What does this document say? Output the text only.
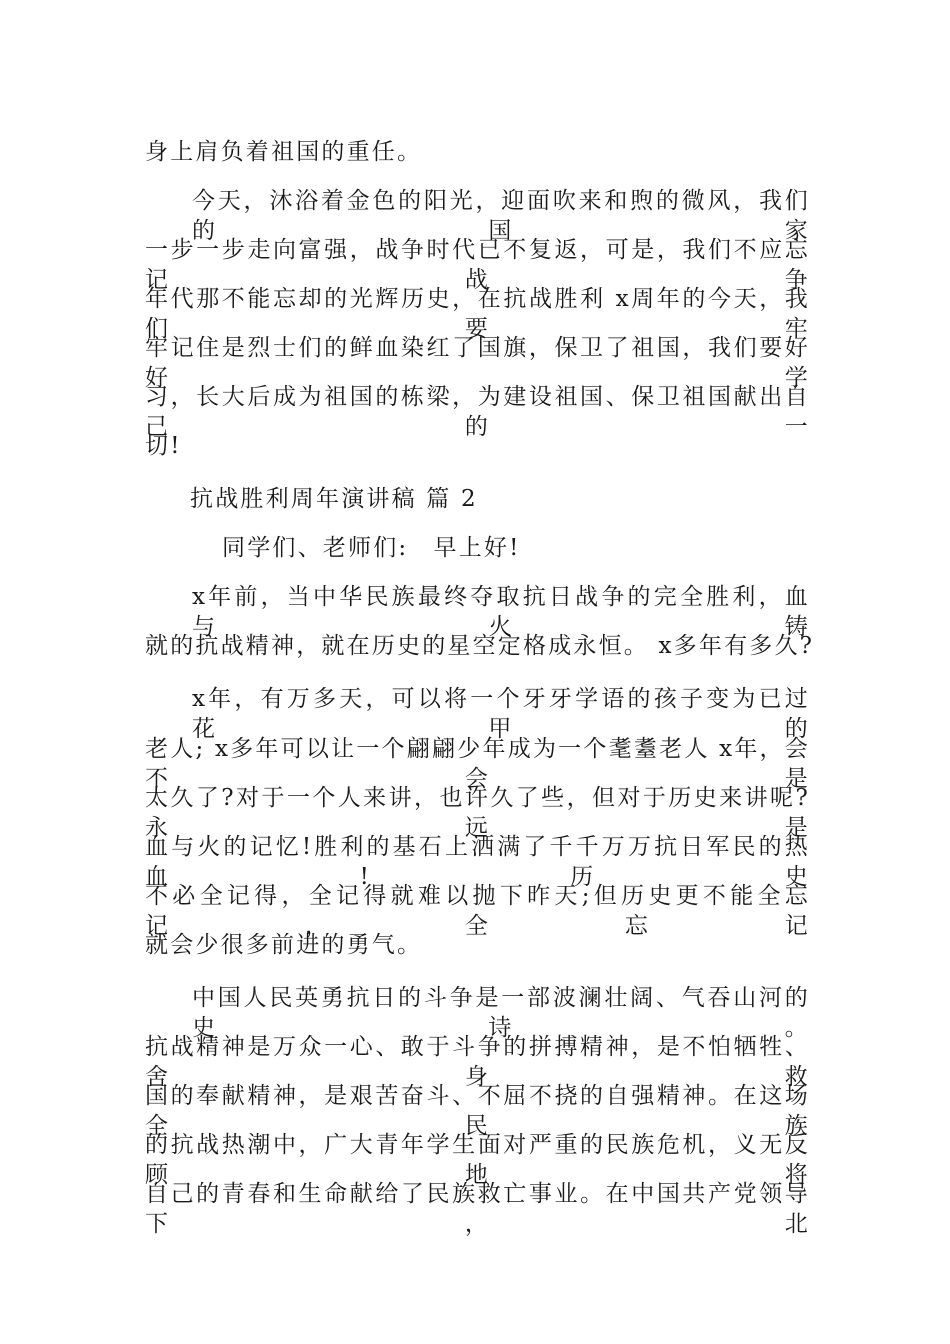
身上肩负着祖国的重任。
今天，沐浴着金色的阳光，迎面吹来和煦的微风，我们的国家
一步一步走向富强，战争时代已不复返，可是，我们不应忘记战争
年代那不能忘却的光辉历史，在抗战胜利 x周年的今天，我们要牢
牢记住是烈士们的鲜血染红了国旗，保卫了祖国，我们要好好学
习，长大后成为祖国的栋梁，为建设祖国、保卫祖国献出自己的一
切!
抗战胜利周年演讲稿 篇 2
同学们、老师们:　早上好!
x年前，当中华民族最终夺取抗日战争的完全胜利，血与火铸
就的抗战精神，就在历史的星空定格成永恒。 x多年有多久?
x年，有万多天，可以将一个牙牙学语的孩子变为已过花甲的
老人; x多年可以让一个翩翩少年成为一个耄耋老人 x年，会不会是
太久了?对于一个人来讲，也许久了些，但对于历史来讲呢?永远是
血与火的记忆!胜利的基石上洒满了千千万万抗日军民的热血! 历史
不必全记得，全记得就难以抛下昨天;但历史更不能全忘记，全忘记
就会少很多前进的勇气。
中国人民英勇抗日的斗争是一部波澜壮阔、气吞山河的史诗。
抗战精神是万众一心、敢于斗争的拼搏精神，是不怕牺牲、舍身救
国的奉献精神，是艰苦奋斗、不屈不挠的自强精神。在这场全民族
的抗战热潮中，广大青年学生面对严重的民族危机，义无反顾地将
自己的青春和生命献给了民族救亡事业。在中国共产党领导下，北
